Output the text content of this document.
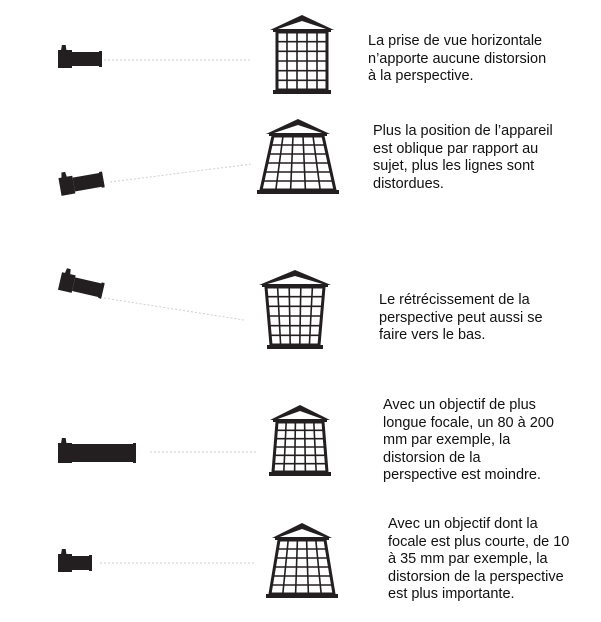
La prise de vue horizontale
n’apporte aucune distorsion
à la perspective.
Plus la position de l’appareil
est oblique par rapport au
sujet, plus les lignes sont
distordues.
Le rétrécissement de la
perspective peut aussi se
faire vers le bas.
Avec un objectif de plus
longue focale, un 80 à 200
mm par exemple, la
distorsion de la
perspective est moindre.
Avec un objectif dont la
focale est plus courte, de 10
à 35 mm par exemple, la
distorsion de la perspective
est plus importante.
